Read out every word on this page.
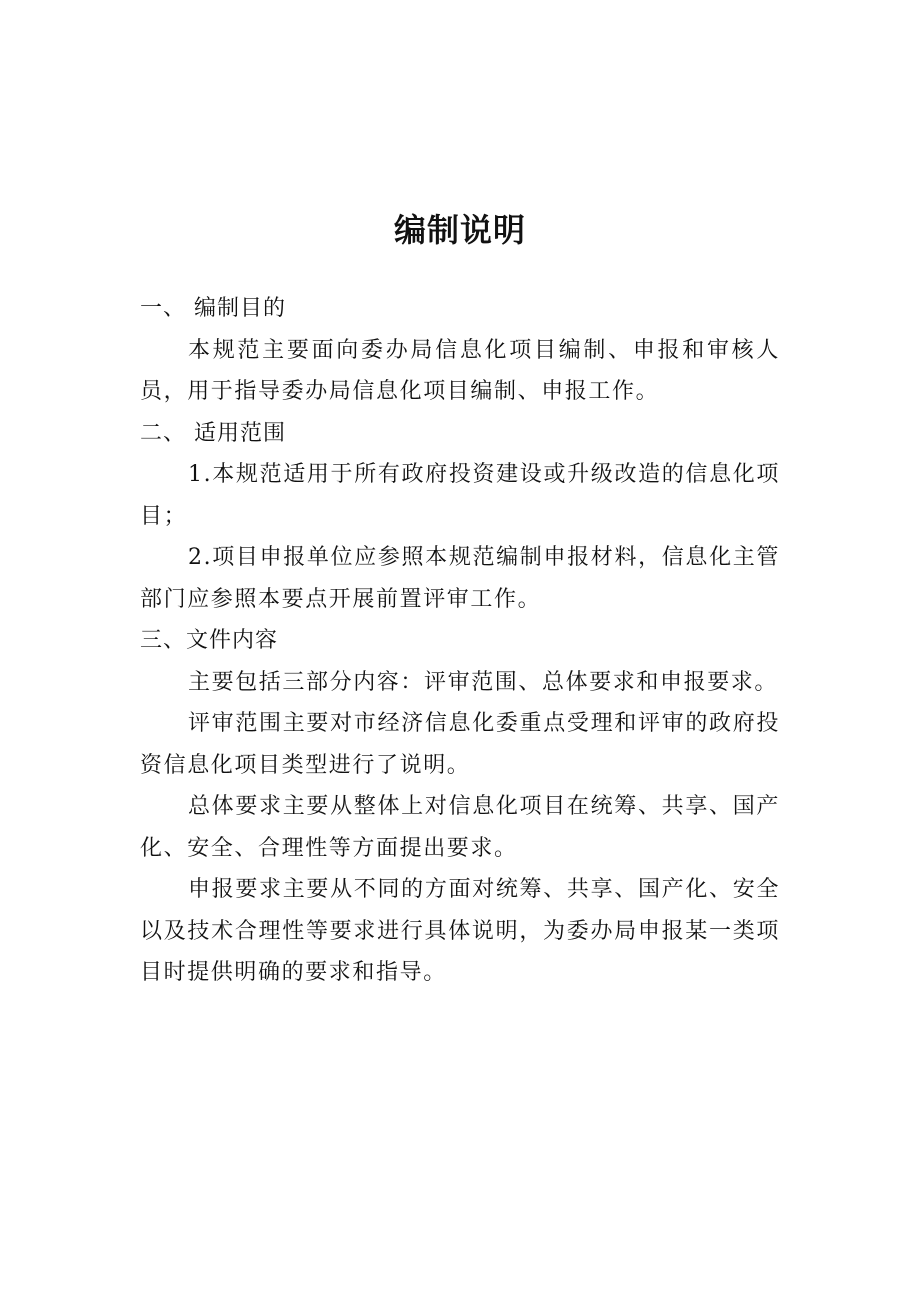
编制说明
一、 编制目的

本规范主要面向委办局信息化项目编制、申报和审核人员，用于指导委办局信息化项目编制、申报工作。

二、 适用范围

1.本规范适用于所有政府投资建设或升级改造的信息化项目；

2.项目申报单位应参照本规范编制申报材料，信息化主管部门应参照本要点开展前置评审工作。

三、文件内容

主要包括三部分内容：评审范围、总体要求和申报要求。

评审范围主要对市经济信息化委重点受理和评审的政府投资信息化项目类型进行了说明。

总体要求主要从整体上对信息化项目在统筹、共享、国产化、安全、合理性等方面提出要求。

申报要求主要从不同的方面对统筹、共享、国产化、安全以及技术合理性等要求进行具体说明，为委办局申报某一类项目时提供明确的要求和指导。
